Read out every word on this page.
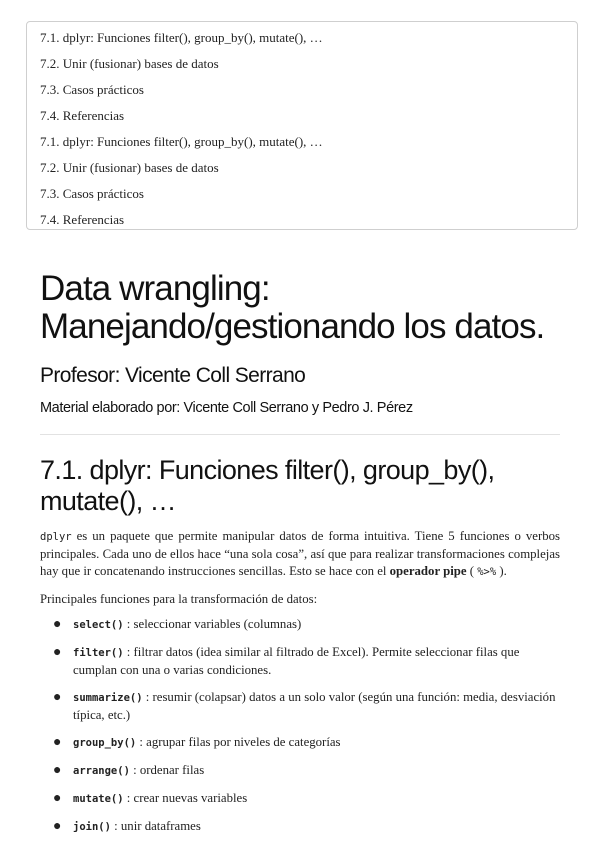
7.1. dplyr: Funciones filter(), group_by(), mutate(), …
7.2. Unir (fusionar) bases de datos
7.3. Casos prácticos
7.4. Referencias
7.1. dplyr: Funciones filter(), group_by(), mutate(), …
7.2. Unir (fusionar) bases de datos
7.3. Casos prácticos
7.4. Referencias
Data wrangling: Manejando/gestionando los datos.
Profesor: Vicente Coll Serrano
Material elaborado por: Vicente Coll Serrano y Pedro J. Pérez
7.1. dplyr: Funciones filter(), group_by(), mutate(), …

dplyr es un paquete que permite manipular datos de forma intuitiva. Tiene 5 funciones o verbos principales. Cada uno de ellos hace “una sola cosa”, así que para realizar transformaciones complejas hay que ir concatenando instrucciones sencillas. Esto se hace con el operador pipe ( %>% ).

Principales funciones para la transformación de datos:

● select() : seleccionar variables (columnas)
● filter() : filtrar datos (idea similar al filtrado de Excel). Permite seleccionar filas que cumplan con una o varias condiciones.
● summarize() : resumir (colapsar) datos a un solo valor (según una función: media, desviación típica, etc.)
● group_by() : agrupar filas por niveles de categorías
● arrange() : ordenar filas
● mutate() : crear nuevas variables
● join() : unir dataframes
